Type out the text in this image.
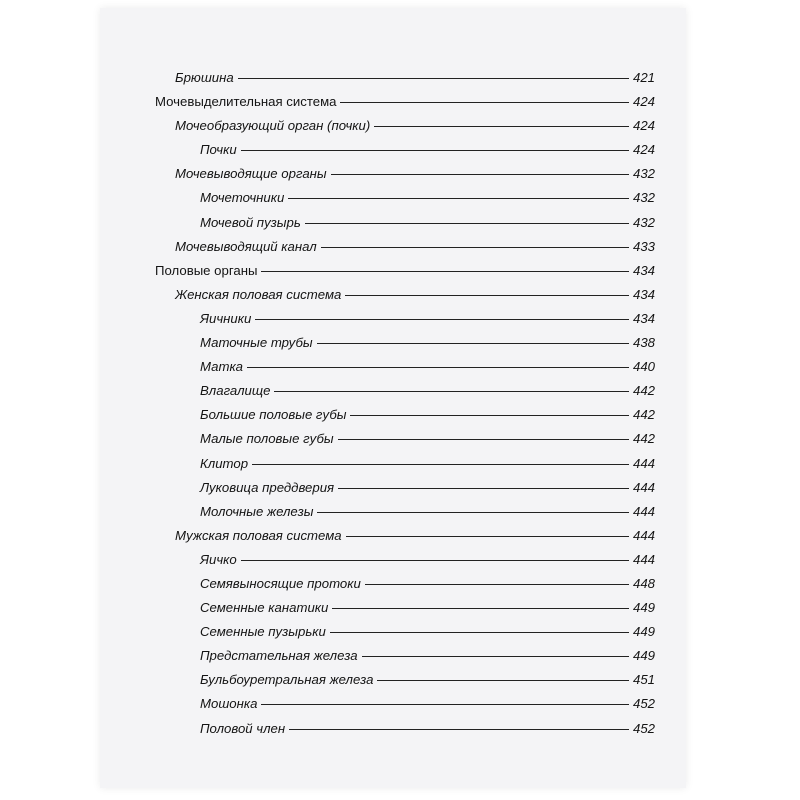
Брюшина	421
Мочевыделительная система	424
Мочеобразующий орган (почки)	424
Почки	424
Мочевыводящие органы	432
Мочеточники	432
Мочевой пузырь	432
Мочевыводящий канал	433
Половые органы	434
Женская половая система	434
Яичники	434
Маточные трубы	438
Матка	440
Влагалище	442
Большие половые губы	442
Малые половые губы	442
Клитор	444
Луковица преддверия	444
Молочные железы	444
Мужская половая система	444
Яичко	444
Семявыносящие протоки	448
Семенные канатики	449
Семенные пузырьки	449
Предстательная железа	449
Бульбоуретральная железа	451
Мошонка	452
Половой член	452
